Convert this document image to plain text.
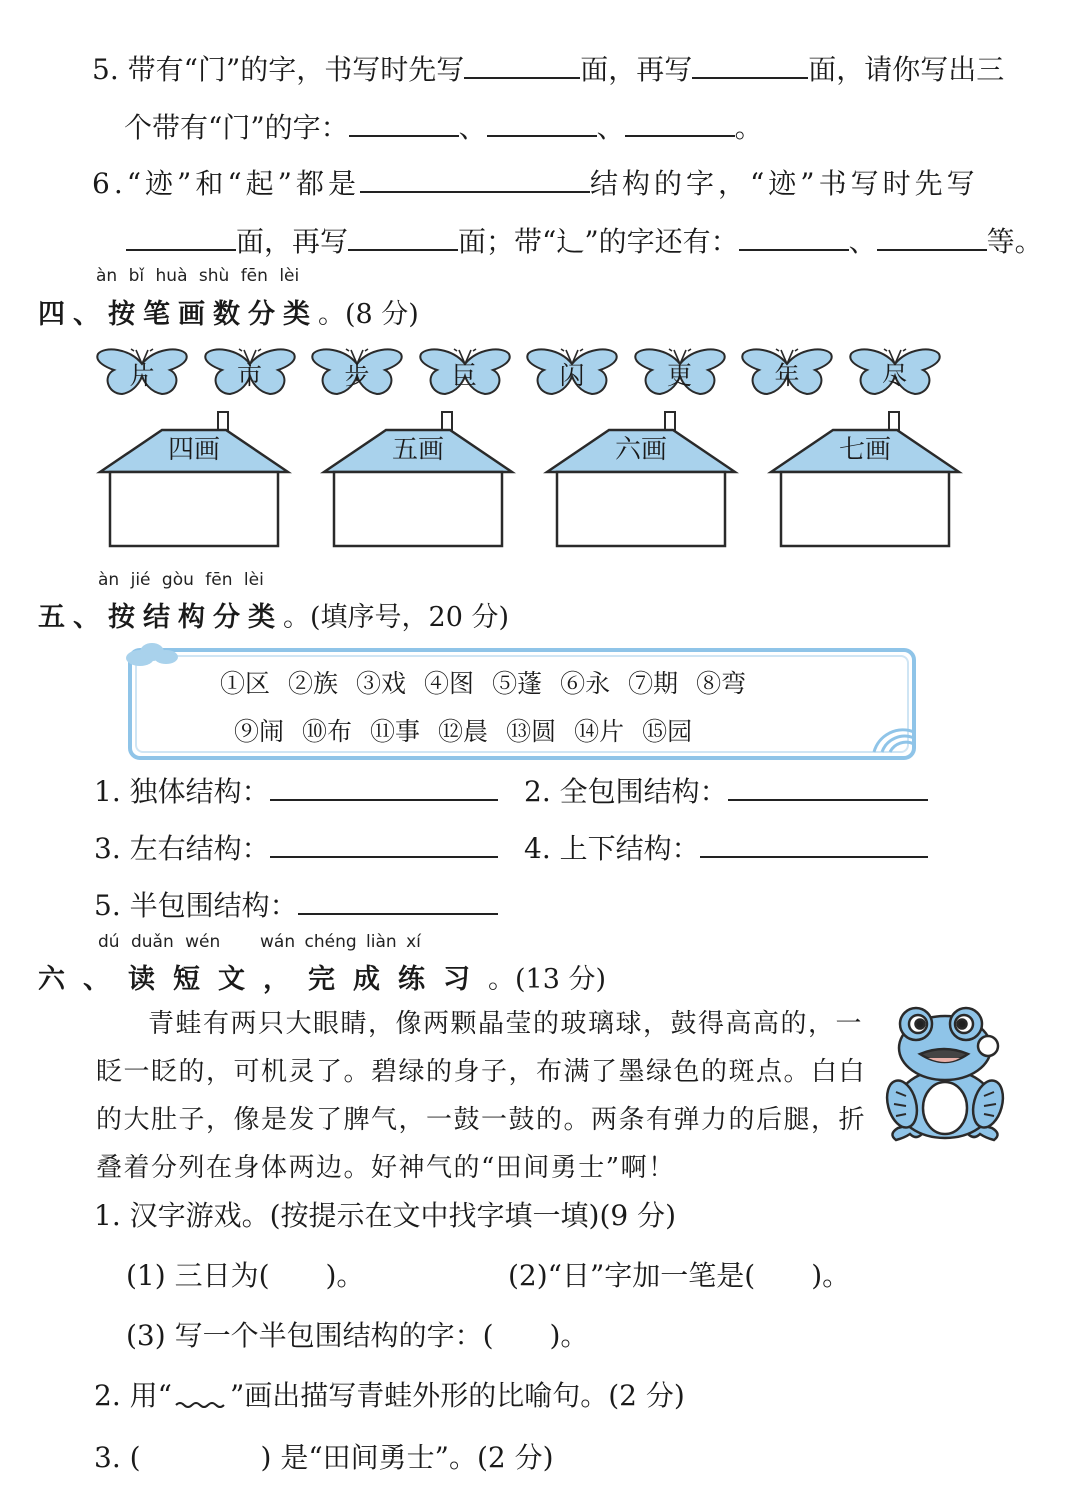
5. 带有“门”的字，书写时先写	面，再写	面，请你写出三
个带有“门”的字：	、	、	。
6.“迹”和“起”都是	结构的字，“迹”书写时先写
面，再写	面；带“辶”的字还有：	、	等。
àn bǐ huà shù fēn lèi
四、按笔画数分类。(8 分)
片	市	步	巨	闪	更	年	尽
四画	五画	六画	七画
àn jié gòu fēn lèi
五、按结构分类。(填序号，20 分)
①区 ②族 ③戏 ④图 ⑤蓬 ⑥永 ⑦期 ⑧弯
⑨闹 ⑩布 ⑪事 ⑫晨 ⑬圆 ⑭片 ⑮园
1. 独体结构：	2. 全包围结构：
3. 左右结构：	4. 上下结构：
5. 半包围结构：
dú duǎn wén wán chéng liàn xí
六、读短文，完成练习。(13 分)

青蛙有两只大眼睛，像两颗晶莹的玻璃球，鼓得高高的，一眨一眨的，可机灵了。碧绿的身子，布满了墨绿色的斑点。白白的大肚子，像是发了脾气，一鼓一鼓的。两条有弹力的后腿，折叠着分列在身体两边。好神气的“田间勇士”啊！

1. 汉字游戏。(按提示在文中找字填一填)(9 分)
(1) 三日为(　　)。	(2)“日”字加一笔是(　　)。
(3) 写一个半包围结构的字：(　　)。
2. 用“ ”画出描写青蛙外形的比喻句。(2 分)
3. (	) 是“田间勇士”。(2 分)
